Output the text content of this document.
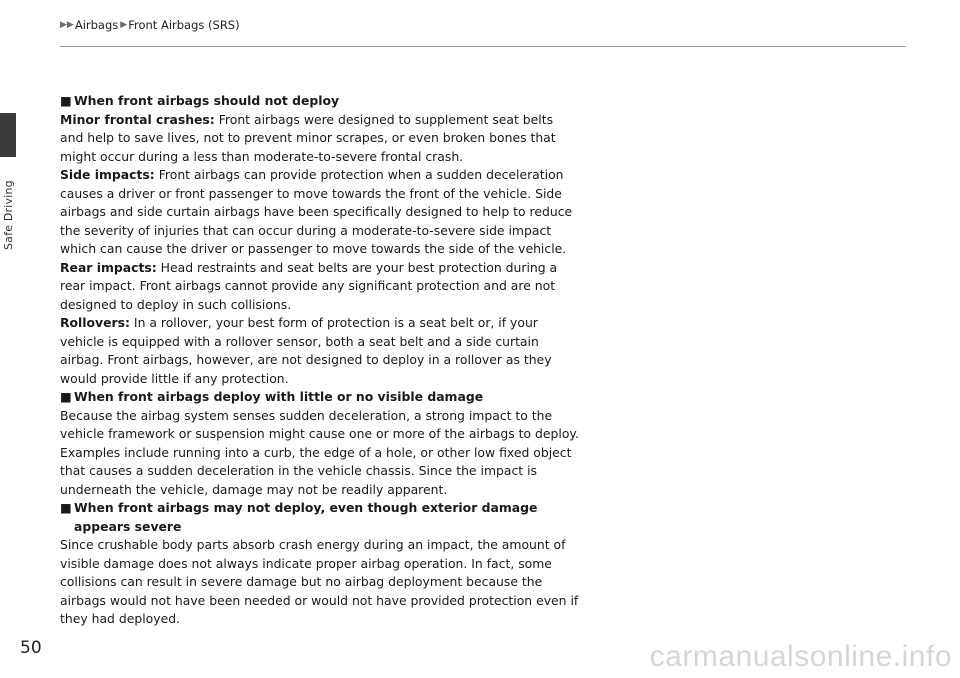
Safe Driving
▶▶ Airbags ▶ Front Airbags (SRS)
■ When front airbags should not deploy

Minor frontal crashes: Front airbags were designed to supplement seat belts and help to save lives, not to prevent minor scrapes, or even broken bones that might occur during a less than moderate-to-severe frontal crash.

Side impacts: Front airbags can provide protection when a sudden deceleration causes a driver or front passenger to move towards the front of the vehicle. Side airbags and side curtain airbags have been specifically designed to help to reduce the severity of injuries that can occur during a moderate-to-severe side impact which can cause the driver or passenger to move towards the side of the vehicle.

Rear impacts: Head restraints and seat belts are your best protection during a rear impact. Front airbags cannot provide any significant protection and are not designed to deploy in such collisions.

Rollovers: In a rollover, your best form of protection is a seat belt or, if your vehicle is equipped with a rollover sensor, both a seat belt and a side curtain airbag. Front airbags, however, are not designed to deploy in a rollover as they would provide little if any protection.

■ When front airbags deploy with little or no visible damage

Because the airbag system senses sudden deceleration, a strong impact to the vehicle framework or suspension might cause one or more of the airbags to deploy. Examples include running into a curb, the edge of a hole, or other low fixed object that causes a sudden deceleration in the vehicle chassis. Since the impact is underneath the vehicle, damage may not be readily apparent.

■ When front airbags may not deploy, even though exterior damage appears severe

Since crushable body parts absorb crash energy during an impact, the amount of visible damage does not always indicate proper airbag operation. In fact, some collisions can result in severe damage but no airbag deployment because the airbags would not have been needed or would not have provided protection even if they had deployed.

50	carmanualsonline.info
